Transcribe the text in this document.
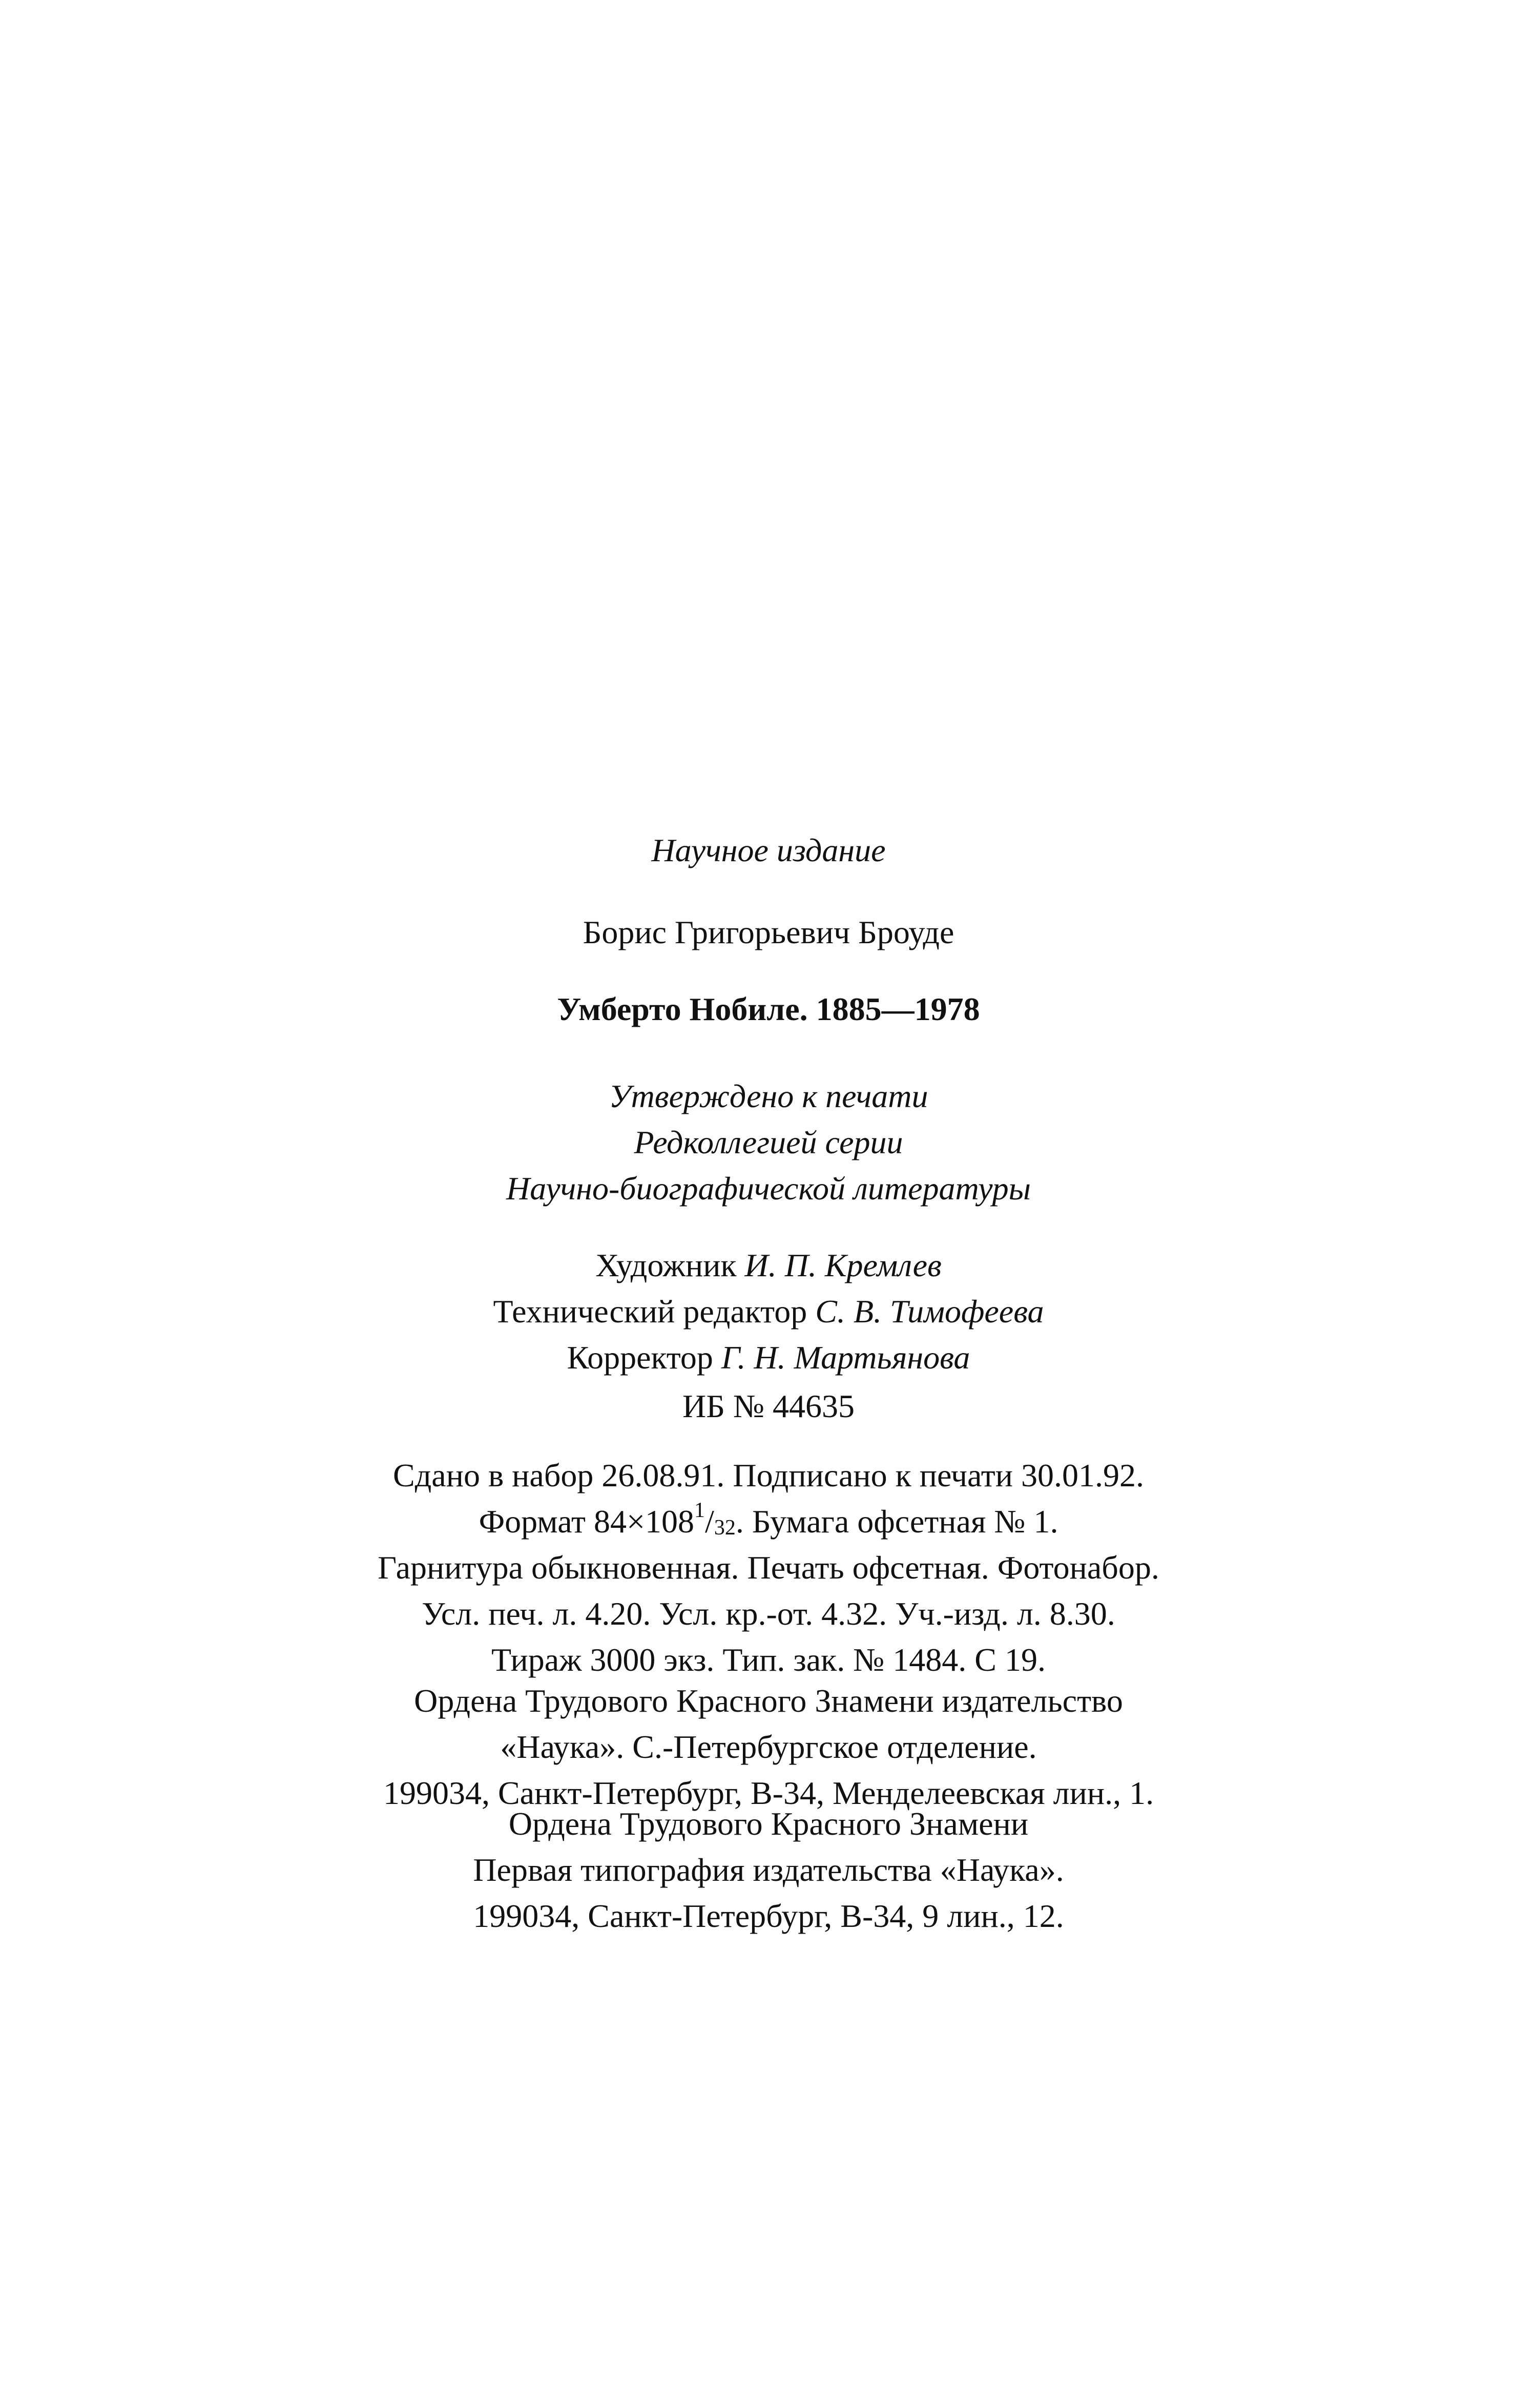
Научное издание
Борис Григорьевич Броуде
Умберто Нобиле. 1885—1978
Утверждено к печати
Редколлегией серии
Научно-биографической литературы
Художник И. П. Кремлев
Технический редактор С. В. Тимофеева
Корректор Г. Н. Мартьянова
ИБ № 44635
Сдано в набор 26.08.91. Подписано к печати 30.01.92.
Формат $84\times 108^1/_{32}$. Бумага офсетная № 1.
Гарнитура обыкновенная. Печать офсетная. Фотонабор.
Усл. печ. л. 4.20. Усл. кр.-от. 4.32. Уч.-изд. л. 8.30.
Тираж 3000 экз. Тип. зак. № 1484. С 19.
Ордена Трудового Красного Знамени издательство
«Наука». С.-Петербургское отделение.
199034, Санкт-Петербург, В-34, Менделеевская лин., 1.
Ордена Трудового Красного Знамени
Первая типография издательства «Наука».
199034, Санкт-Петербург, В-34, 9 лин., 12.
